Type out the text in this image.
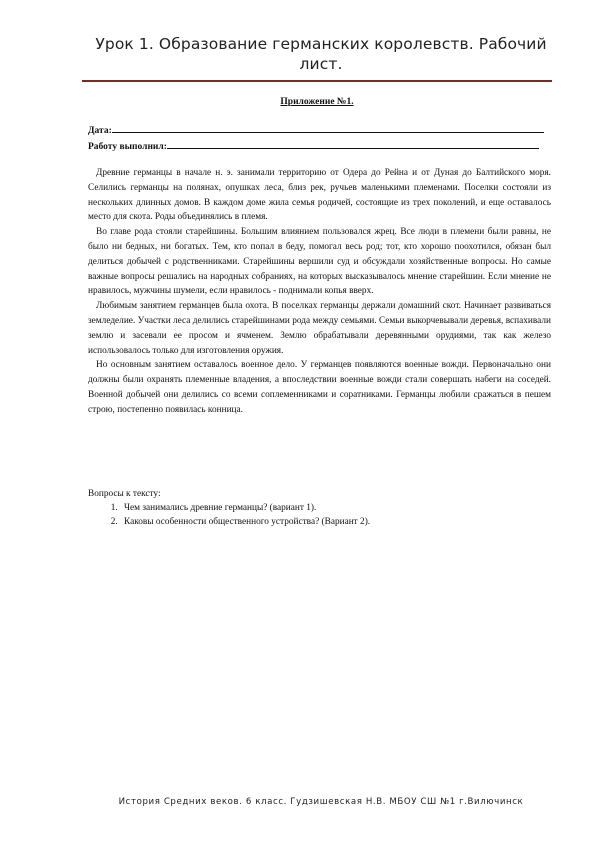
Урок 1. Образование германских королевств. Рабочий лист.
Приложение №1.
Дата:
Работу выполнил:

Древние германцы в начале н. э. занимали территорию от Одера до Рейна и от Дуная до Балтийского моря. Селились германцы на полянах, опушках леса, близ рек, ручьев маленькими племенами. Поселки состояли из нескольких длинных домов. В каждом доме жила семья родичей, состоящие из трех поколений, и еще оставалось место для скота. Роды объединялись в племя.

Во главе рода стояли старейшины. Большим влиянием пользовался жрец. Все люди в племени были равны, не было ни бедных, ни богатых. Тем, кто попал в беду, помогал весь род; тот, кто хорошо поохотился, обязан был делиться добычей с родственниками. Старейшины вершили суд и обсуждали хозяйственные вопросы. Но самые важные вопросы решались на народных собраниях, на которых высказывалось мнение старейшин. Если мнение не нравилось, мужчины шумели, если нравилось - поднимали копья вверх.

Любимым занятием германцев была охота. В поселках германцы держали домашний скот. Начинает развиваться земледелие. Участки леса делились старейшинами рода между семьями. Семьи выкорчевывали деревья, вспахивали землю и засевали ее просом и ячменем. Землю обрабатывали деревянными орудиями, так как железо использовалось только для изготовления оружия.

Но основным занятием оставалось военное дело. У германцев появляются военные вожди. Первоначально они должны были охранять племенные владения, а впоследствии военные вожди стали совершать набеги на соседей. Военной добычей они делились со всеми соплеменниками и соратниками. Германцы любили сражаться в пешем строю, постепенно появилась конница.

Вопросы к тексту:
1. Чем занимались древние германцы? (вариант 1).
2. Каковы особенности общественного устройства? (Вариант 2).
История Средних веков. 6 класс. Гудзишевская Н.В. МБОУ СШ №1 г.Вилючинск
